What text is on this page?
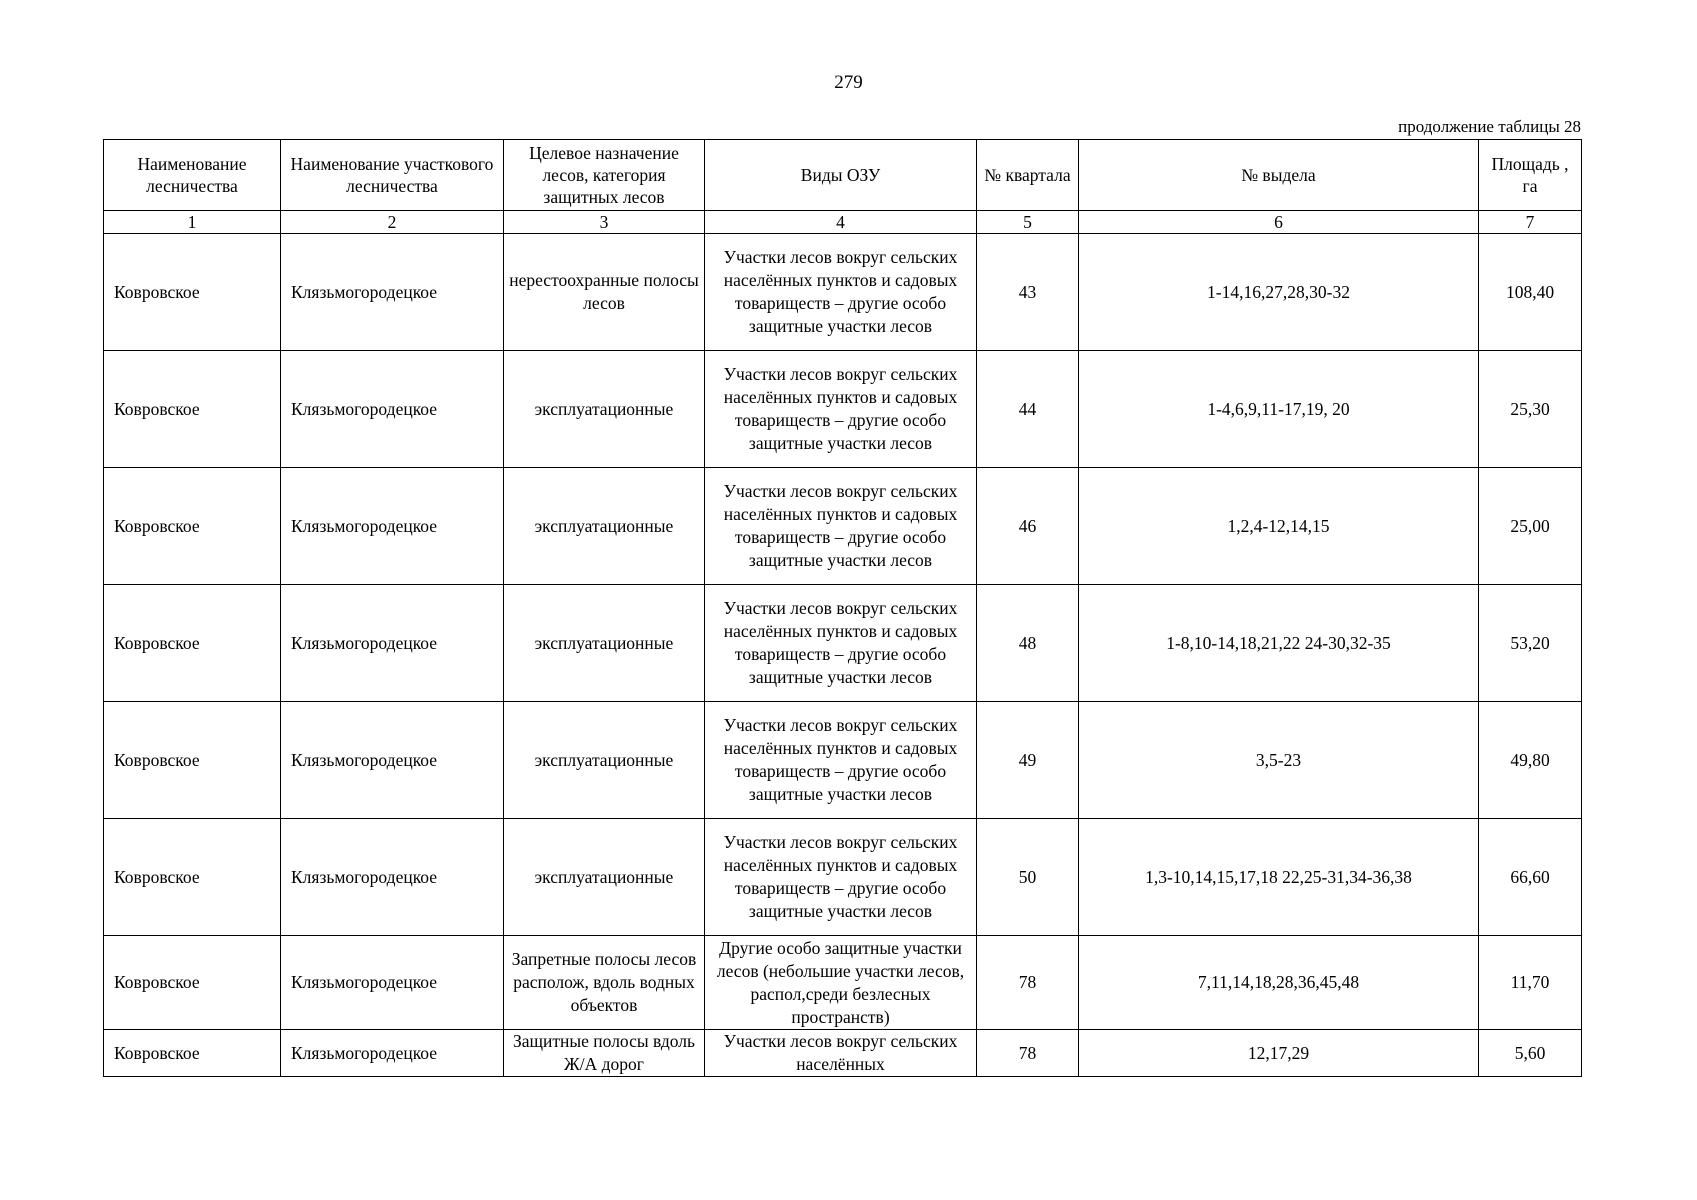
279
продолжение таблицы 28
Наименование лесничества	Наименование участкового лесничества	Целевое назначение лесов, категория защитных лесов	Виды ОЗУ	№ квартала	№ выдела	Площадь , га
1	2	3	4	5	6	7
Ковровское	Клязьмогородецкое	нерестоохранные полосы лесов	Участки лесов вокруг сельских населённых пунктов и садовых товариществ – другие особо защитные участки лесов	43	1-14,16,27,28,30-32	108,40
Ковровское	Клязьмогородецкое	эксплуатационные	Участки лесов вокруг сельских населённых пунктов и садовых товариществ – другие особо защитные участки лесов	44	1-4,6,9,11-17,19, 20	25,30
Ковровское	Клязьмогородецкое	эксплуатационные	Участки лесов вокруг сельских населённых пунктов и садовых товариществ – другие особо защитные участки лесов	46	1,2,4-12,14,15	25,00
Ковровское	Клязьмогородецкое	эксплуатационные	Участки лесов вокруг сельских населённых пунктов и садовых товариществ – другие особо защитные участки лесов	48	1-8,10-14,18,21,22 24-30,32-35	53,20
Ковровское	Клязьмогородецкое	эксплуатационные	Участки лесов вокруг сельских населённых пунктов и садовых товариществ – другие особо защитные участки лесов	49	3,5-23	49,80
Ковровское	Клязьмогородецкое	эксплуатационные	Участки лесов вокруг сельских населённых пунктов и садовых товариществ – другие особо защитные участки лесов	50	1,3-10,14,15,17,18 22,25-31,34-36,38	66,60
Ковровское	Клязьмогородецкое	Запретные полосы лесов располож, вдоль водных объектов	Другие особо защитные участки лесов (небольшие участки лесов, распол,среди безлесных пространств)	78	7,11,14,18,28,36,45,48	11,70
Ковровское	Клязьмогородецкое	Защитные полосы вдоль Ж/А дорог	Участки лесов вокруг сельских населённых	78	12,17,29	5,60
